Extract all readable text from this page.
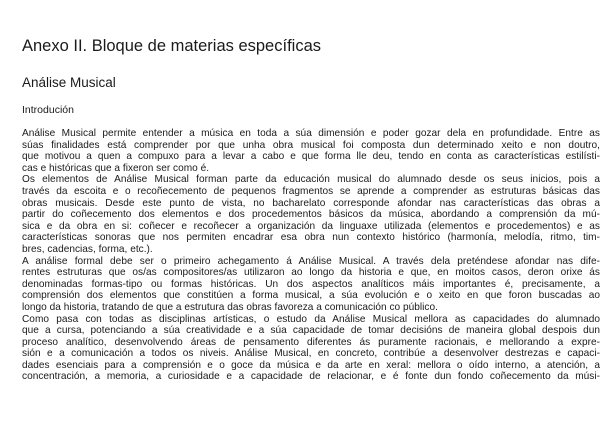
Anexo II. Bloque de materias específicas
Análise Musical
Introdución

Análise Musical permite entender a música en toda a súa dimensión e poder gozar dela en profundidade. Entre as
súas finalidades está comprender por que unha obra musical foi composta dun determinado xeito e non doutro,
que motivou a quen a compuxo para a levar a cabo e que forma lle deu, tendo en conta as características estilísti-
cas e históricas que a fixeron ser como é.

Os elementos de Análise Musical forman parte da educación musical do alumnado desde os seus inicios, pois a
través da escoita e o recoñecemento de pequenos fragmentos se aprende a comprender as estruturas básicas das
obras musicais. Desde este punto de vista, no bacharelato corresponde afondar nas características das obras a
partir do coñecemento dos elementos e dos procedementos básicos da música, abordando a comprensión da mú-
sica e da obra en si: coñecer e recoñecer a organización da linguaxe utilizada (elementos e procedementos) e as
características sonoras que nos permiten encadrar esa obra nun contexto histórico (harmonía, melodía, ritmo, tim-
bres, cadencias, forma, etc.).

A análise formal debe ser o primeiro achegamento á Análise Musical. A través dela preténdese afondar nas dife-
rentes estruturas que os/as compositores/as utilizaron ao longo da historia e que, en moitos casos, deron orixe ás
denominadas formas-tipo ou formas históricas. Un dos aspectos analíticos máis importantes é, precisamente, a
comprensión dos elementos que constitúen a forma musical, a súa evolución e o xeito en que foron buscadas ao
longo da historia, tratando de que a estrutura das obras favoreza a comunicación co público.

Como pasa con todas as disciplinas artísticas, o estudo da Análise Musical mellora as capacidades do alumnado
que a cursa, potenciando a súa creatividade e a súa capacidade de tomar decisións de maneira global despois dun
proceso analítico, desenvolvendo áreas de pensamento diferentes ás puramente racionais, e mellorando a expre-
sión e a comunicación a todos os niveis. Análise Musical, en concreto, contribúe a desenvolver destrezas e capaci-
dades esenciais para a comprensión e o goce da música e da arte en xeral: mellora o oído interno, a atención, a
concentración, a memoria, a curiosidade e a capacidade de relacionar, e é fonte dun fondo coñecemento da músi-
